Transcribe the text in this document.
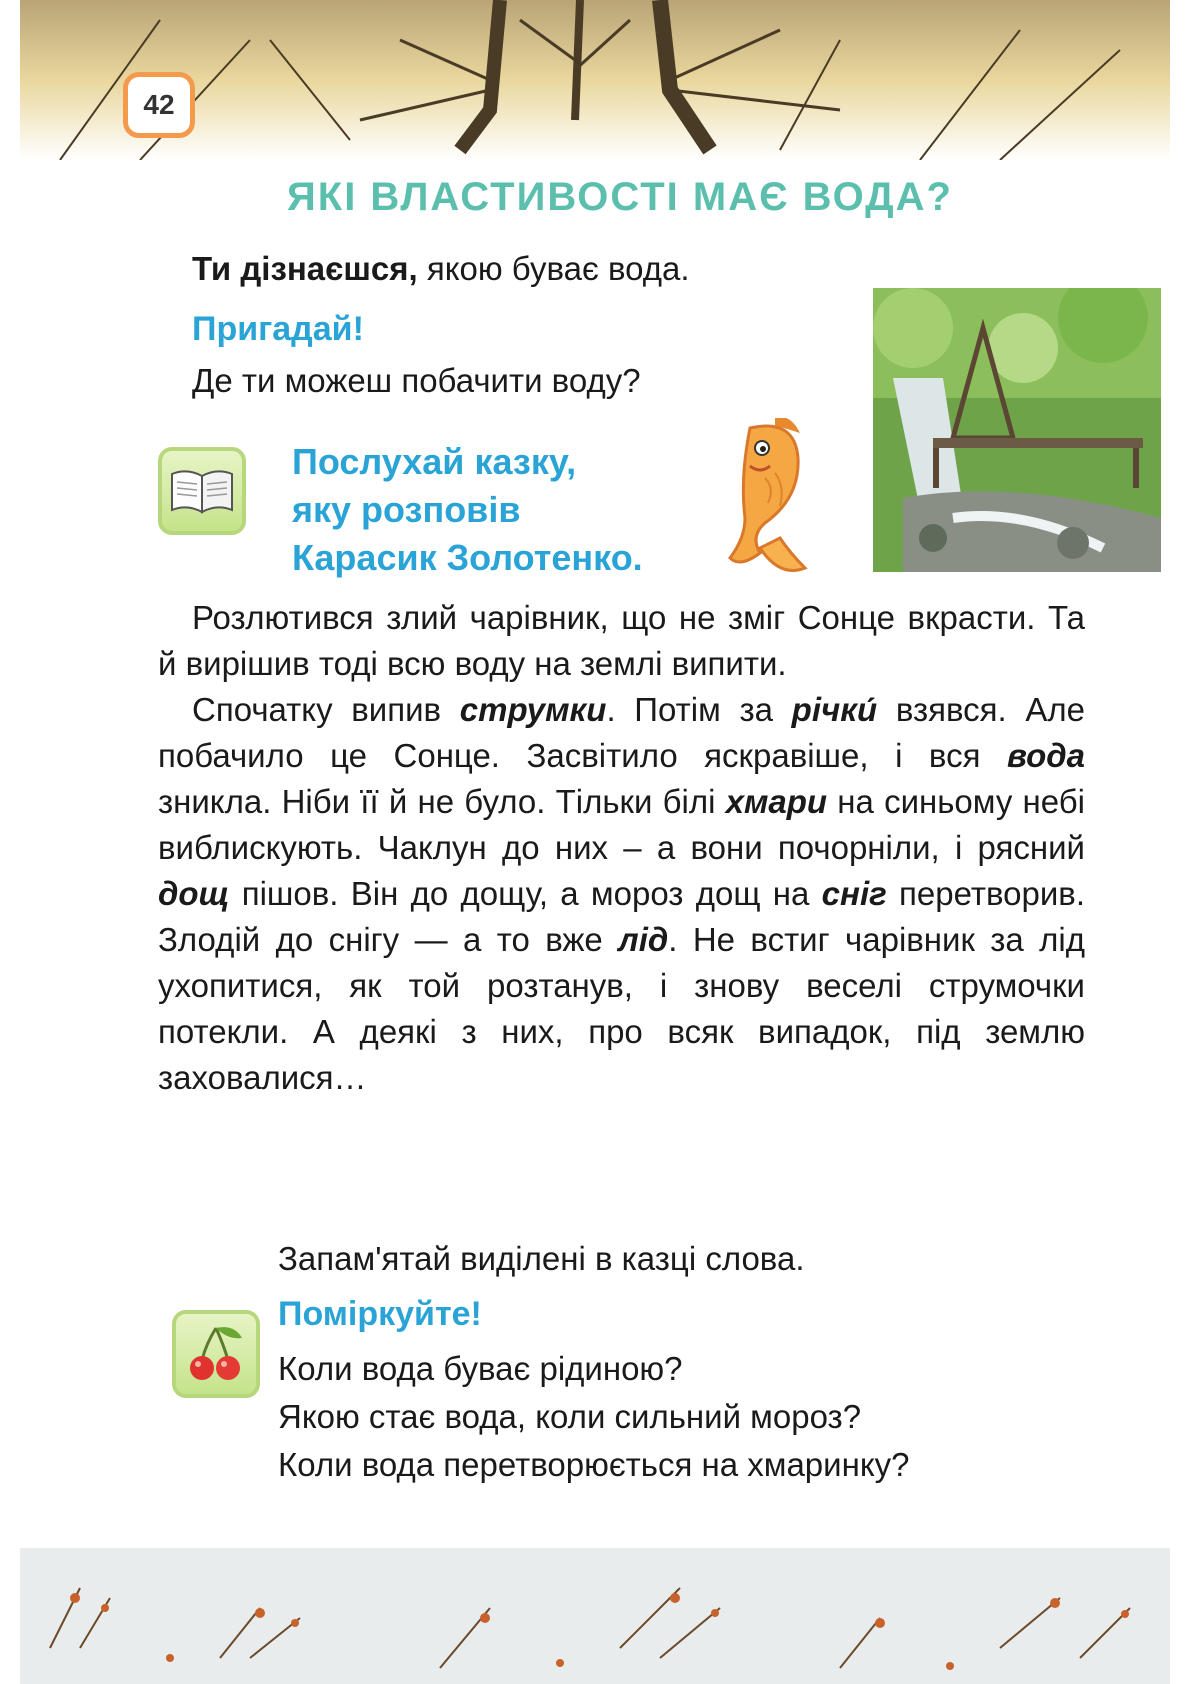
42
ЯКІ ВЛАСТИВОСТІ МАЄ ВОДА?
Ти дізнаєшся, якою буває вода.
Пригадай!
Де ти можеш побачити воду?
Послухай казку,
яку розповів
Карасик Золотенко.

Розлютився злий чарівник, що не зміг Сонце вкрасти. Та й вирішив тоді всю воду на землі випити.

Спочатку випив струмки. Потім за річки́ взявся. Але побачило це Сонце. Засвітило яскравіше, і вся вода зникла. Ніби її й не було. Тільки білі хмари на синьому небі виблискують. Чаклун до них – а вони почорніли, і рясний дощ пішов. Він до дощу, а мороз дощ на сніг перетворив. Злодій до снігу — а то вже лід. Не встиг чарівник за лід ухопитися, як той розтанув, і знову веселі струмочки потекли. А деякі з них, про всяк випадок, під землю заховалися…

Запам'ятай виділені в казці слова.
Поміркуйте!
Коли вода буває рідиною?
Якою стає вода, коли сильний мороз?
Коли вода перетворюється на хмаринку?
